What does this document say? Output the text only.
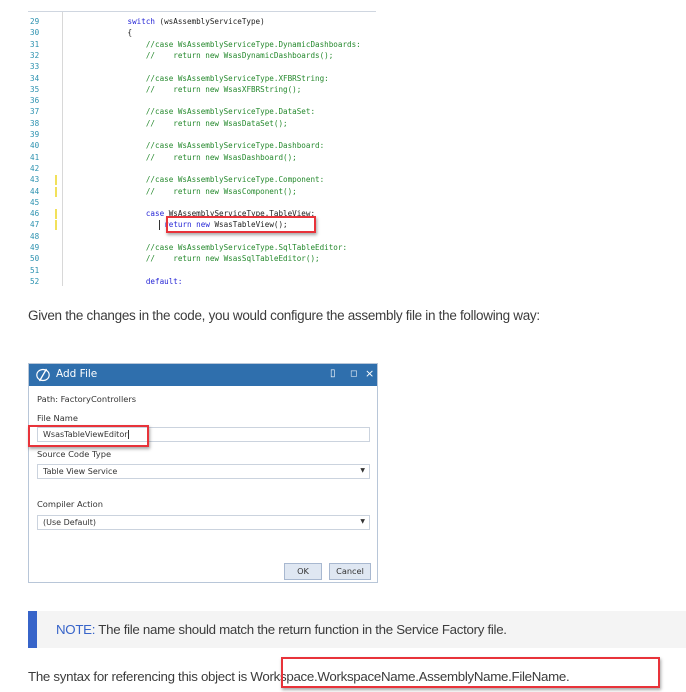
29	switch (wsAssemblyServiceType)
30	{
31	//case WsAssemblyServiceType.DynamicDashboards:
32	//    return new WsasDynamicDashboards();
33
34	//case WsAssemblyServiceType.XFBRString:
35	//    return new WsasXFBRString();
36
37	//case WsAssemblyServiceType.DataSet:
38	//    return new WsasDataSet();
39
40	//case WsAssemblyServiceType.Dashboard:
41	//    return new WsasDashboard();
42
43	//case WsAssemblyServiceType.Component:
44	//    return new WsasComponent();
45
46	case WsAssemblyServiceType.TableView:
47	return new WsasTableView();
48
49	//case WsAssemblyServiceType.SqlTableEditor:
50	//    return new WsasSqlTableEditor();
51
52	default:
Given the changes in the code, you would configure the assembly file in the following way:
Add File	▯ ◻ ×
Path: FactoryControllers
File Name
WsasTableViewEditor
Source Code Type
Table View Service	▼
Compiler Action
(Use Default)	▼
OK	Cancel
NOTE: The file name should match the return function in the Service Factory file.
The syntax for referencing this object is Workspace.WorkspaceName.AssemblyName.FileName.
